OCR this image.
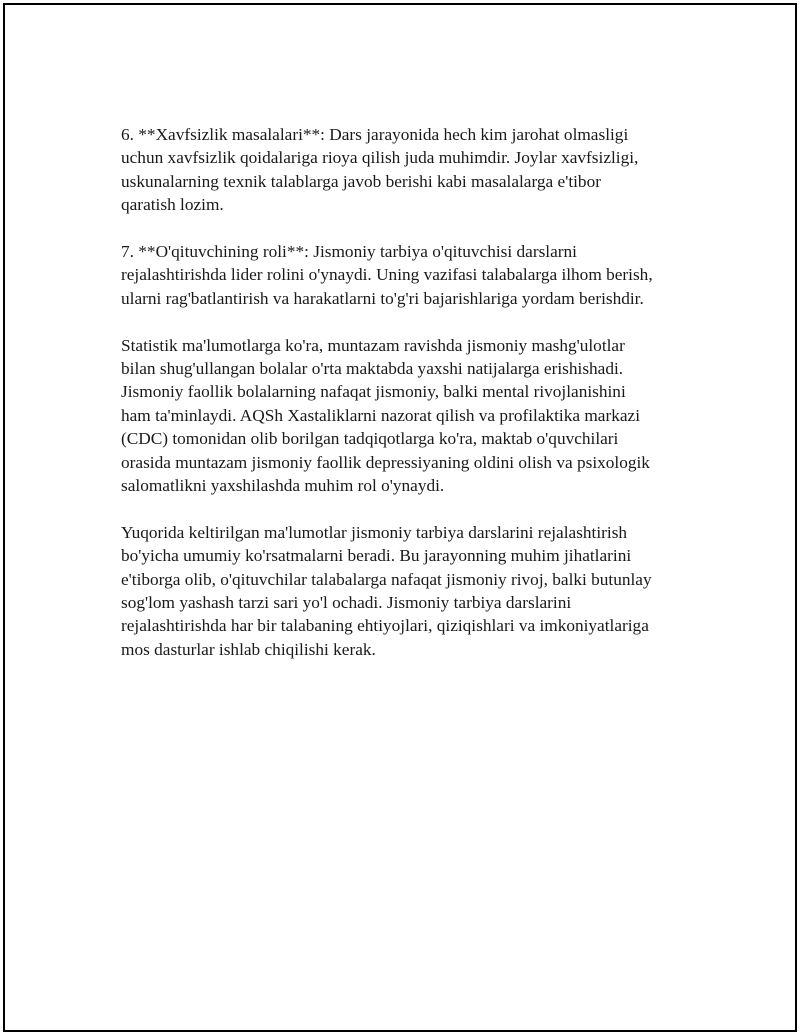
6. **Xavfsizlik masalalari**: Dars jarayonida hech kim jarohat olmasligi
uchun xavfsizlik qoidalariga rioya qilish juda muhimdir. Joylar xavfsizligi,
uskunalarning texnik talablarga javob berishi kabi masalalarga e'tibor
qaratish lozim.

7. **O'qituvchining roli**: Jismoniy tarbiya o'qituvchisi darslarni
rejalashtirishda lider rolini o'ynaydi. Uning vazifasi talabalarga ilhom berish,
ularni rag'batlantirish va harakatlarni to'g'ri bajarishlariga yordam berishdir.

Statistik ma'lumotlarga ko'ra, muntazam ravishda jismoniy mashg'ulotlar
bilan shug'ullangan bolalar o'rta maktabda yaxshi natijalarga erishishadi.
Jismoniy faollik bolalarning nafaqat jismoniy, balki mental rivojlanishini
ham ta'minlaydi. AQSh Xastaliklarni nazorat qilish va profilaktika markazi
(CDC) tomonidan olib borilgan tadqiqotlarga ko'ra, maktab o'quvchilari
orasida muntazam jismoniy faollik depressiyaning oldini olish va psixologik
salomatlikni yaxshilashda muhim rol o'ynaydi.

Yuqorida keltirilgan ma'lumotlar jismoniy tarbiya darslarini rejalashtirish
bo'yicha umumiy ko'rsatmalarni beradi. Bu jarayonning muhim jihatlarini
e'tiborga olib, o'qituvchilar talabalarga nafaqat jismoniy rivoj, balki butunlay
sog'lom yashash tarzi sari yo'l ochadi. Jismoniy tarbiya darslarini
rejalashtirishda har bir talabaning ehtiyojlari, qiziqishlari va imkoniyatlariga
mos dasturlar ishlab chiqilishi kerak.
